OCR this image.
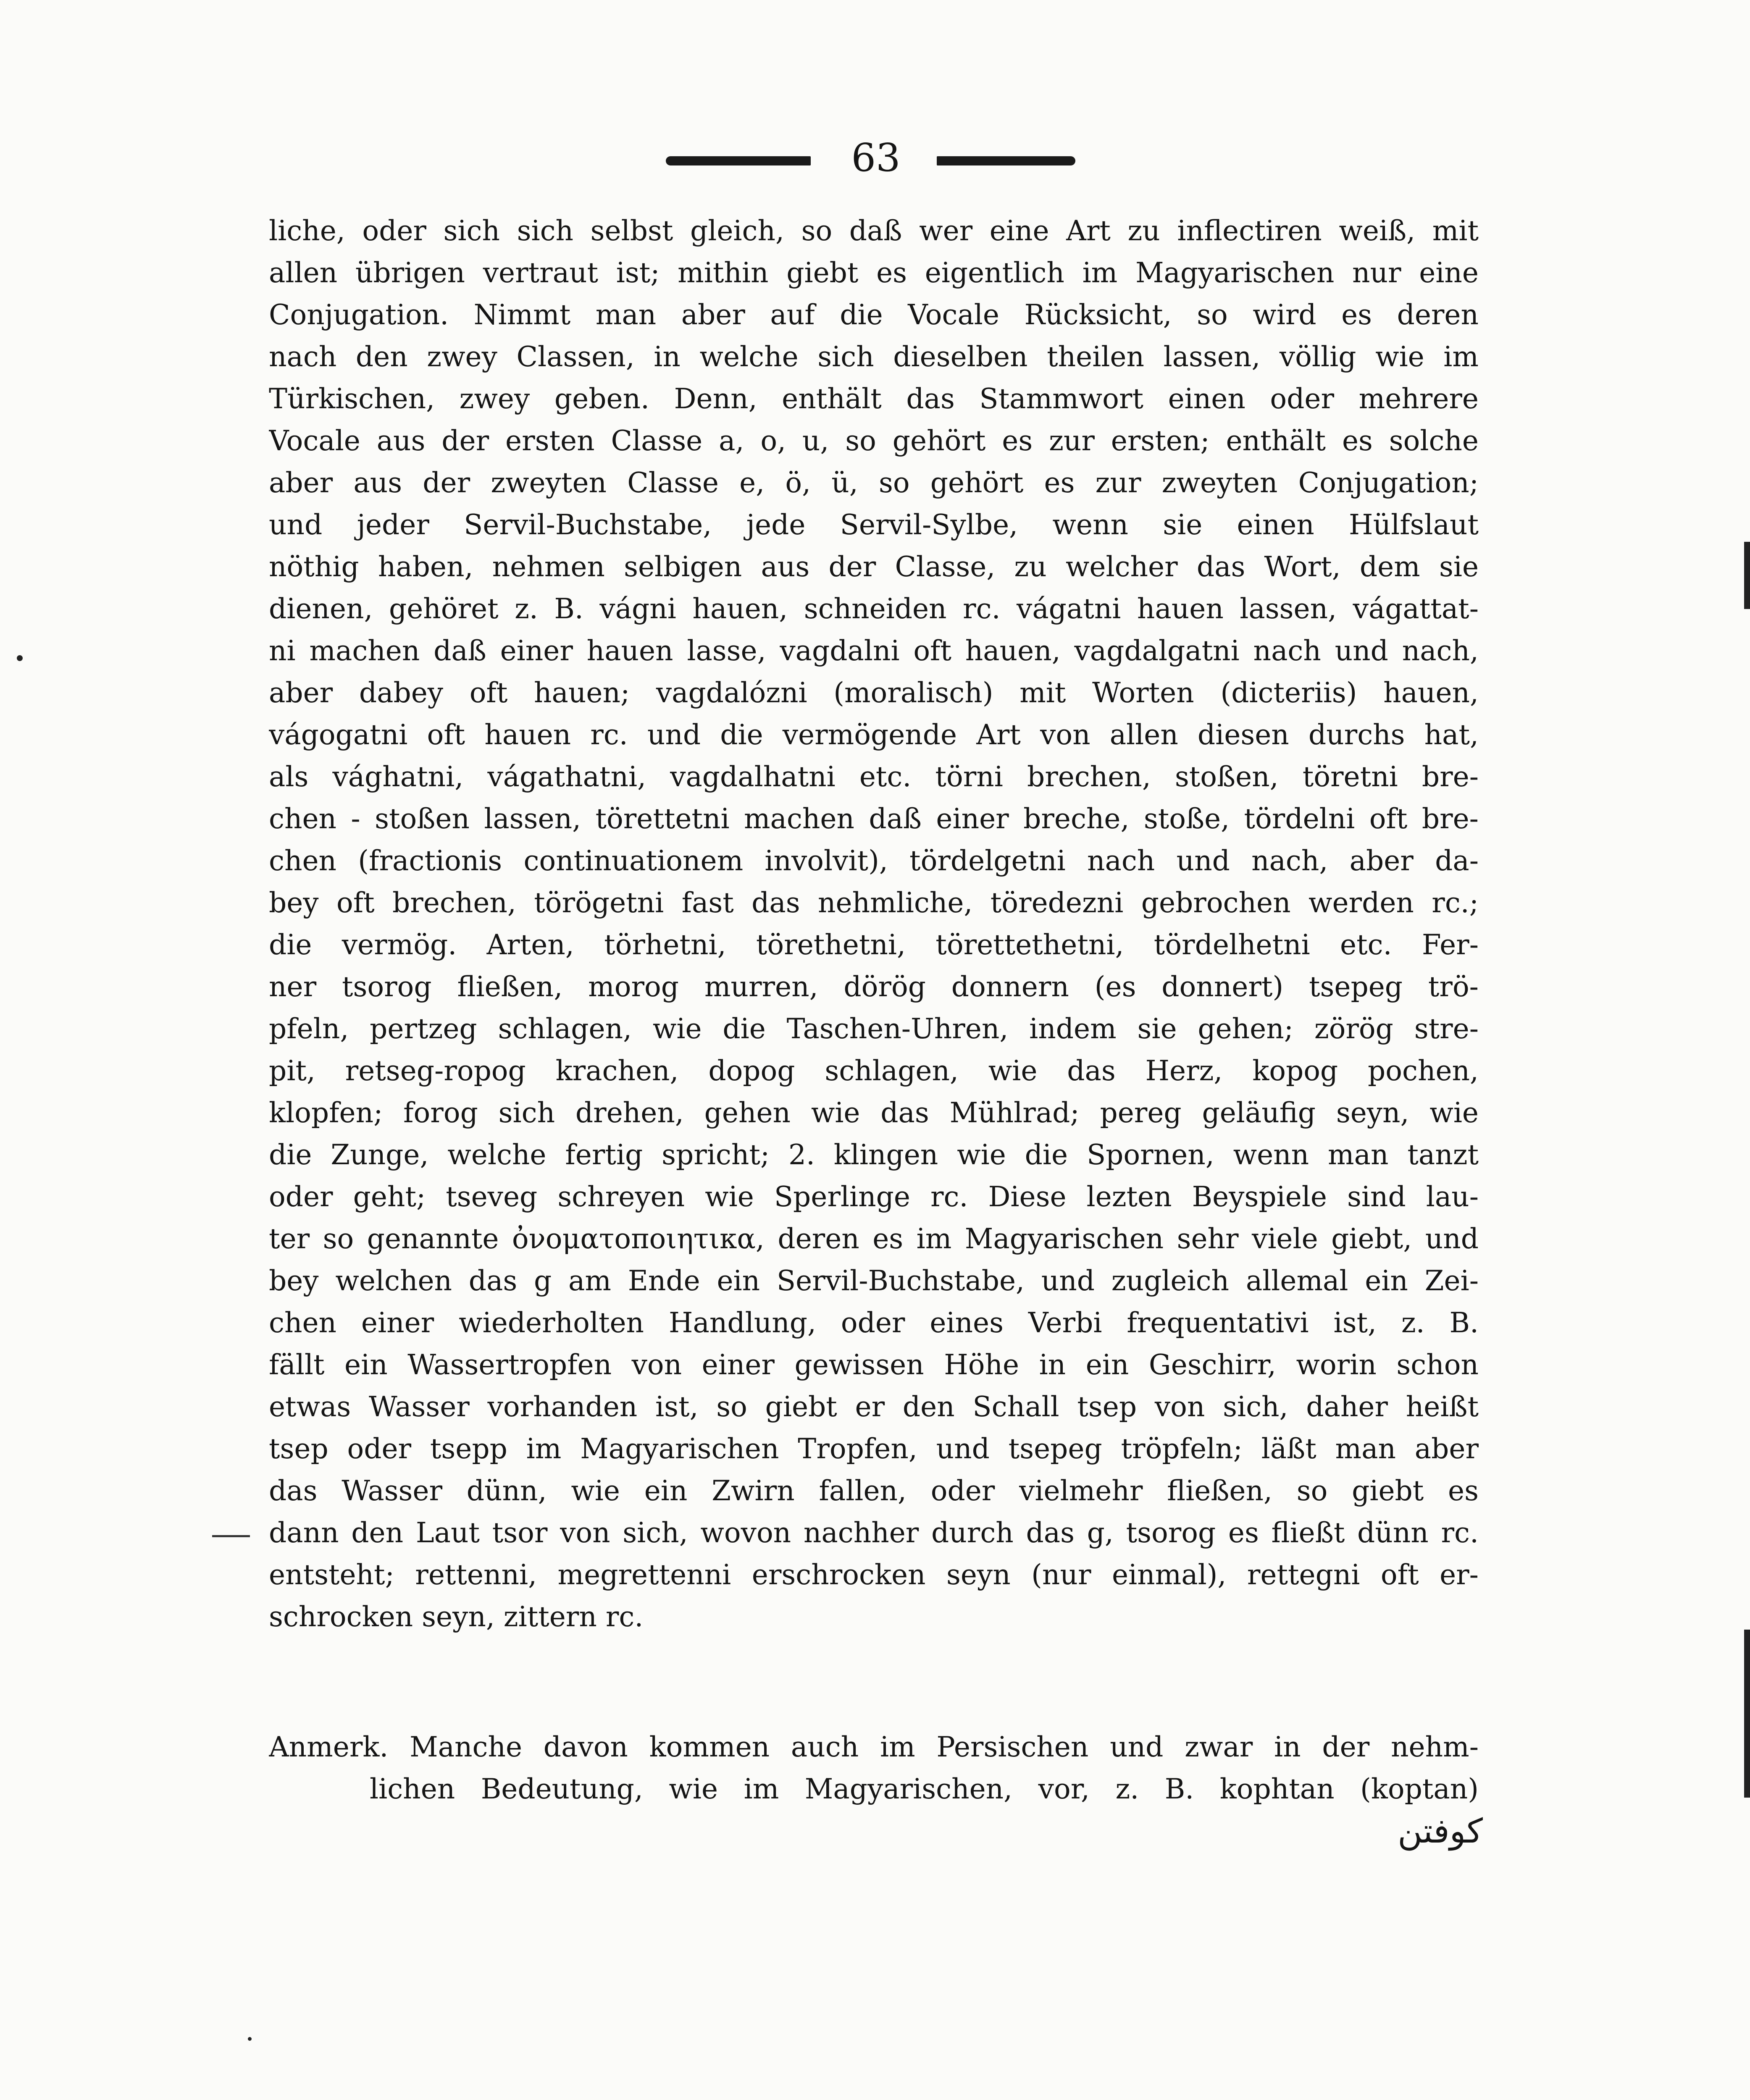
63
liche, oder sich sich selbst gleich, so daß wer eine Art zu inflectiren weiß, mit
allen übrigen vertraut ist; mithin giebt es eigentlich im Magyarischen nur eine
Conjugation. Nimmt man aber auf die Vocale Rücksicht, so wird es deren
nach den zwey Classen, in welche sich dieselben theilen lassen, völlig wie im
Türkischen, zwey geben. Denn, enthält das Stammwort einen oder mehrere
Vocale aus der ersten Classe a, o, u, so gehört es zur ersten; enthält es solche
aber aus der zweyten Classe e, ö, ü, so gehört es zur zweyten Conjugation;
und jeder Servil-Buchstabe, jede Servil-Sylbe, wenn sie einen Hülfslaut
nöthig haben, nehmen selbigen aus der Classe, zu welcher das Wort, dem sie
dienen, gehöret z. B. vágni hauen, schneiden rc. vágatni hauen lassen, vágattat-
ni machen daß einer hauen lasse, vagdalni oft hauen, vagdalgatni nach und nach,
aber dabey oft hauen; vagdalózni (moralisch) mit Worten (dicteriis) hauen,
vágogatni oft hauen rc. und die vermögende Art von allen diesen durchs hat,
als vághatni, vágathatni, vagdalhatni etc. törni brechen, stoßen, töretni bre-
chen - stoßen lassen, törettetni machen daß einer breche, stoße, tördelni oft bre-
chen (fractionis continuationem involvit), tördelgetni nach und nach, aber da-
bey oft brechen, törögetni fast das nehmliche, töredezni gebrochen werden rc.;
die vermög. Arten, törhetni, törethetni, törettethetni, tördelhetni etc. Fer-
ner tsorog fließen, morog murren, dörög donnern (es donnert) tsepeg trö-
pfeln, pertzeg schlagen, wie die Taschen-Uhren, indem sie gehen; zörög stre-
pit, retseg-ropog krachen, dopog schlagen, wie das Herz, kopog pochen,
klopfen; forog sich drehen, gehen wie das Mühlrad; pereg geläufig seyn, wie
die Zunge, welche fertig spricht; 2. klingen wie die Spornen, wenn man tanzt
oder geht; tseveg schreyen wie Sperlinge rc. Diese lezten Beyspiele sind lau-
ter so genannte ὀνοματοποιητικα, deren es im Magyarischen sehr viele giebt, und
bey welchen das g am Ende ein Servil-Buchstabe, und zugleich allemal ein Zei-
chen einer wiederholten Handlung, oder eines Verbi frequentativi ist, z. B.
fällt ein Wassertropfen von einer gewissen Höhe in ein Geschirr, worin schon
etwas Wasser vorhanden ist, so giebt er den Schall tsep von sich, daher heißt
tsep oder tsepp im Magyarischen Tropfen, und tsepeg tröpfeln; läßt man aber
das Wasser dünn, wie ein Zwirn fallen, oder vielmehr fließen, so giebt es
dann den Laut tsor von sich, wovon nachher durch das g, tsorog es fließt dünn rc.
entsteht; rettenni, megrettenni erschrocken seyn (nur einmal), rettegni oft er-
schrocken seyn, zittern rc.
Anmerk. Manche davon kommen auch im Persischen und zwar in der nehm-
lichen Bedeutung, wie im Magyarischen, vor, z. B. kophtan (koptan)
کوفتن
